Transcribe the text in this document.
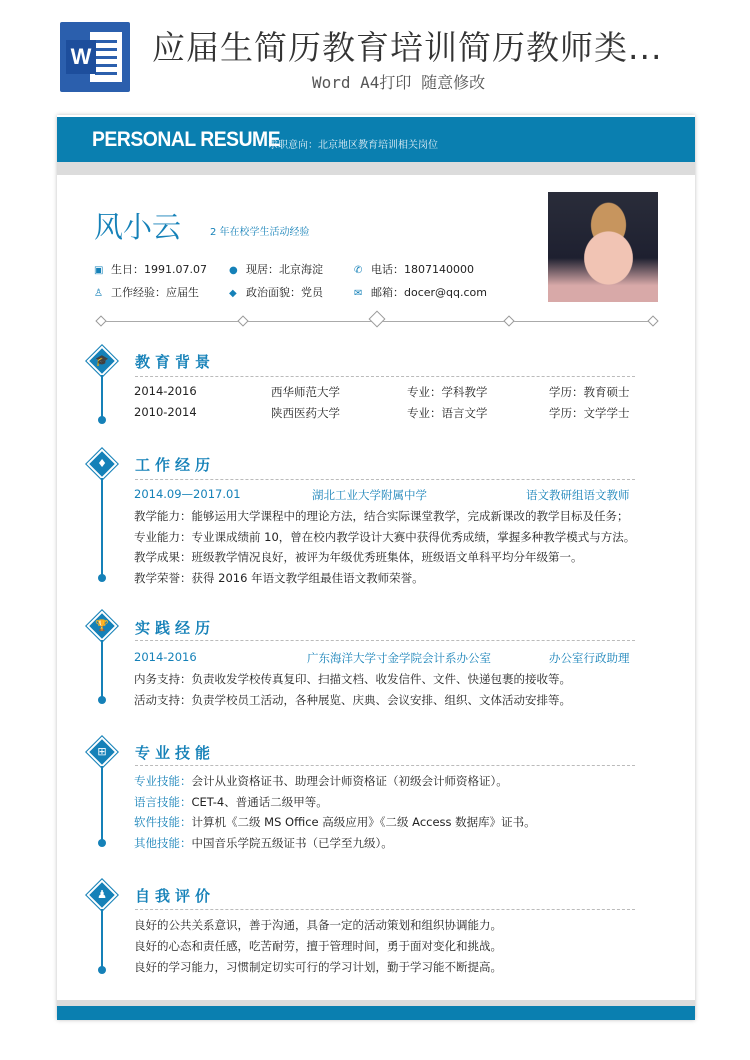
W 应届生简历教育培训简历教师类...
Word A4打印 随意修改
PERSONAL RESUME
求职意向：北京地区教育培训相关岗位
风小云	2 年在校学生活动经验
▣ 生日：1991.07.07 ● 现居：北京海淀	✆ 电话：1807140000
♙ 工作经验：应届生	◆ 政治面貌：党员	✉ 邮箱：docer@qq.com
🎓 教育背景
2014-2016	西华师范大学	专业：学科教学	学历：教育硕士
2010-2014	陕西医药大学	专业：语言文学	学历：文学学士
♦ 工作经历
2014.09—2017.01	湖北工业大学附属中学	语文教研组语文教师
教学能力：能够运用大学课程中的理论方法，结合实际课堂教学，完成新课改的教学目标及任务；
专业能力：专业课成绩前 10，曾在校内教学设计大赛中获得优秀成绩，掌握多种教学模式与方法。
教学成果：班级教学情况良好，被评为年级优秀班集体，班级语文单科平均分年级第一。
教学荣誉：获得 2016 年语文教学组最佳语文教师荣誉。
🏆 实践经历
2014-2016	广东海洋大学寸金学院会计系办公室	办公室行政助理
内务支持：负责收发学校传真复印、扫描文档、收发信件、文件、快递包裹的接收等。
活动支持：负责学校员工活动，各种展览、庆典、会议安排、组织、文体活动安排等。
⊞ 专业技能
专业技能：会计从业资格证书、助理会计师资格证（初级会计师资格证）。
语言技能：CET-4、普通话二级甲等。
软件技能：计算机《二级 MS Office 高级应用》《二级 Access 数据库》证书。
其他技能：中国音乐学院五级证书（已学至九级）。
♟ 自我评价
良好的公共关系意识，善于沟通，具备一定的活动策划和组织协调能力。
良好的心态和责任感，吃苦耐劳，擅于管理时间，勇于面对变化和挑战。
良好的学习能力，习惯制定切实可行的学习计划，勤于学习能不断提高。
